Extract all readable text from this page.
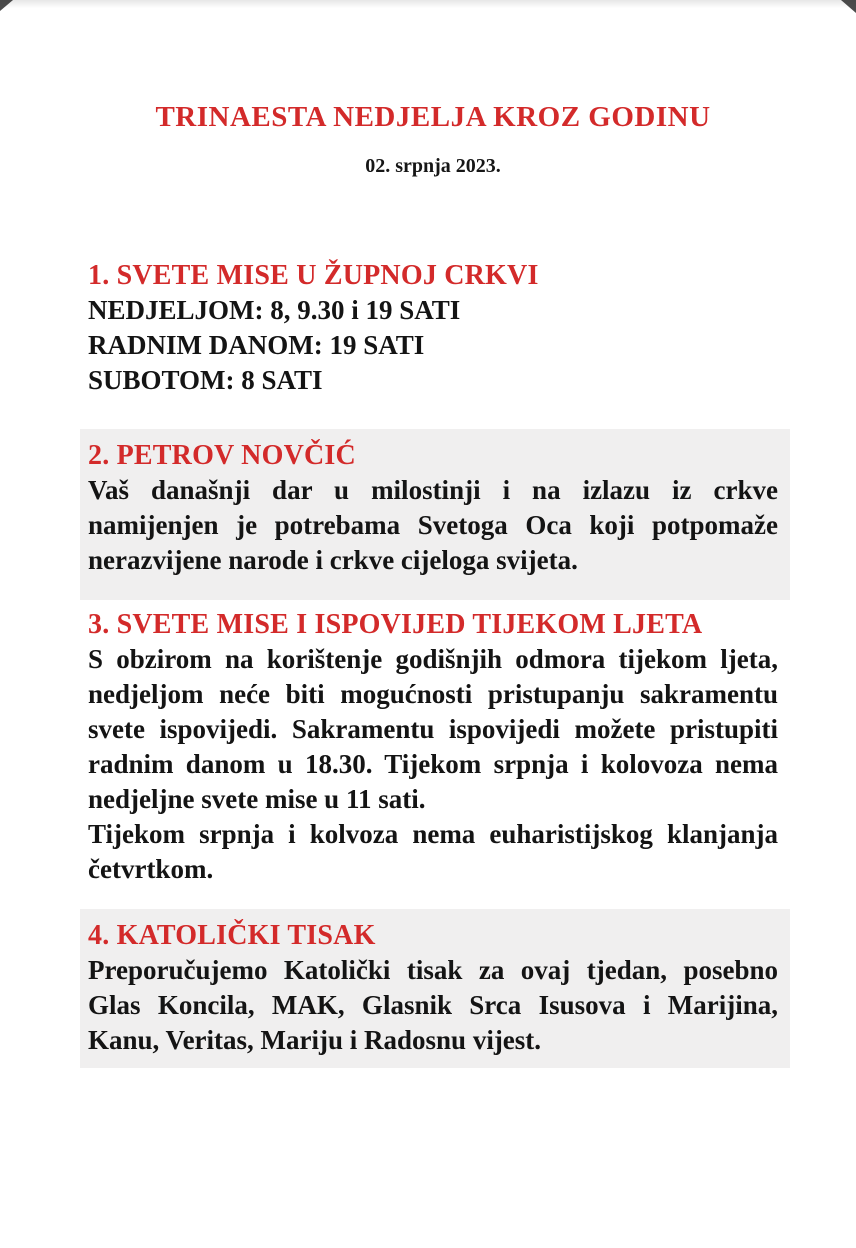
TRINAESTA NEDJELJA KROZ GODINU
02. srpnja 2023.
1. SVETE MISE U ŽUPNOJ CRKVI
NEDJELJOM: 8, 9.30 i 19 SATI
RADNIM DANOM: 19 SATI
SUBOTOM: 8 SATI
2. PETROV NOVČIĆ

Vaš današnji dar u milostinji i na izlazu iz crkve namijenjen je potrebama Svetoga Oca koji potpomaže nerazvijene narode i crkve cijeloga svijeta.

3. SVETE MISE I ISPOVIJED TIJEKOM LJETA

S obzirom na korištenje godišnjih odmora tijekom ljeta, nedjeljom neće biti mogućnosti pristupanju sakramentu svete ispovijedi. Sakramentu ispovijedi možete pristupiti radnim danom u 18.30. Tijekom srpnja i kolovoza nema nedjeljne svete mise u 11 sati.

Tijekom srpnja i kolvoza nema euharistijskog klanjanja četvrtkom.

4. KATOLIČKI TISAK

Preporučujemo Katolički tisak za ovaj tjedan, posebno Glas Koncila, MAK, Glasnik Srca Isusova i Marijina, Kanu, Veritas, Mariju i Radosnu vijest.
